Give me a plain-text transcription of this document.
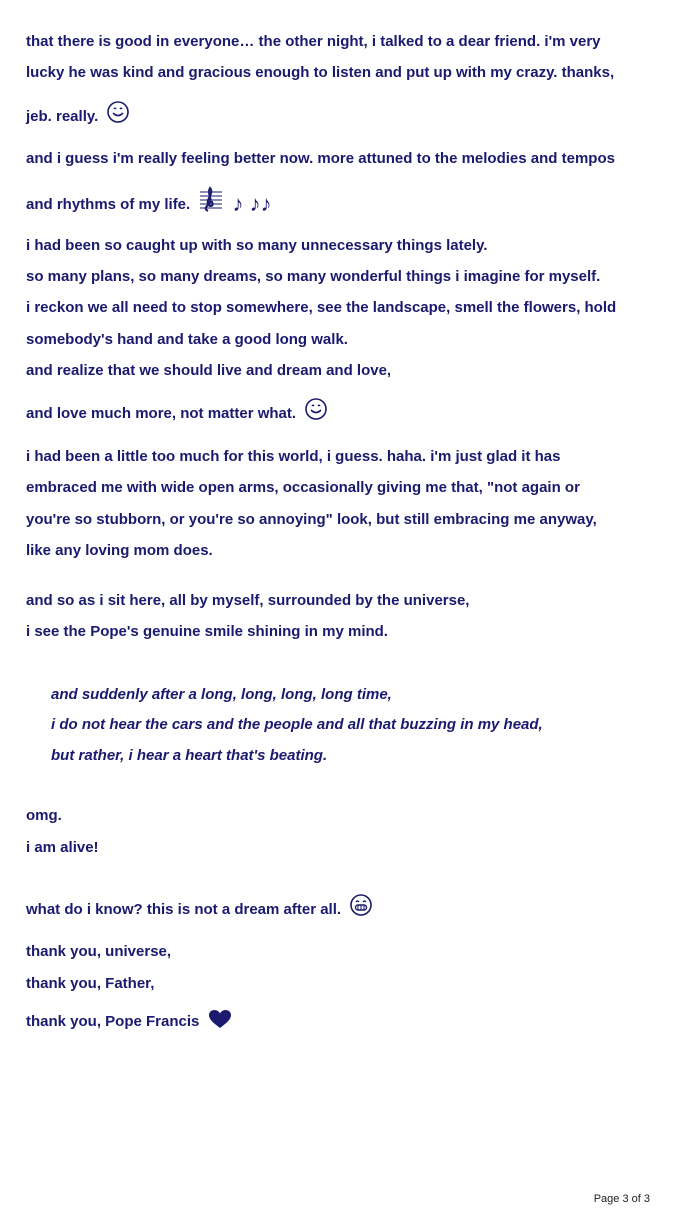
that there is good in everyone… the other night, i talked to a dear friend. i'm very
lucky he was kind and gracious enough to listen and put up with my crazy. thanks,
jeb. really.
and i guess i'm really feeling better now. more attuned to the melodies and tempos
and rhythms of my life. ♪ ♪♪
i had been so caught up with so many unnecessary things lately.
so many plans, so many dreams, so many wonderful things i imagine for myself.
i reckon we all need to stop somewhere, see the landscape, smell the flowers, hold
somebody's hand and take a good long walk.
and realize that we should live and dream and love,
and love much more, not matter what.
i had been a little too much for this world, i guess. haha. i'm just glad it has
embraced me with wide open arms, occasionally giving me that, "not again or
you're so stubborn, or you're so annoying" look, but still embracing me anyway,
like any loving mom does.
and so as i sit here, all by myself, surrounded by the universe,
i see the Pope's genuine smile shining in my mind.
and suddenly after a long, long, long, long time,
i do not hear the cars and the people and all that buzzing in my head,
but rather, i hear a heart that's beating.
omg.
i am alive!
what do i know? this is not a dream after all.
thank you, universe,
thank you, Father,
thank you, Pope Francis
Page 3 of 3
